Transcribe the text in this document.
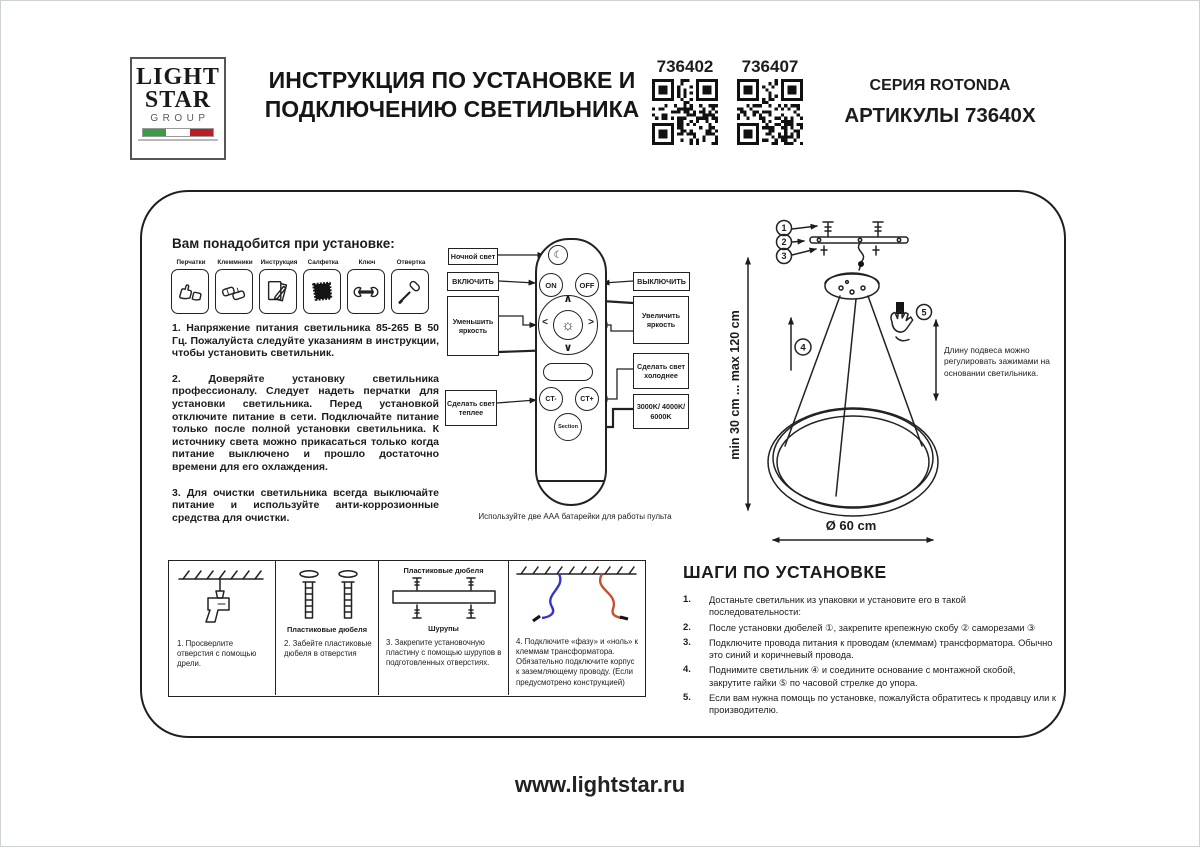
LIGHT
STAR
GROUP
ИНСТРУКЦИЯ ПО УСТАНОВКЕ И
ПОДКЛЮЧЕНИЮ СВЕТИЛЬНИКА
736402	736407
СЕРИЯ ROTONDA
АРТИКУЛЫ 73640X
Вам понадобится при установке:
Перчатки	Клеммники	Инструкция	Салфетка	Ключ	Отвертка

1. Напряжение питания светильника 85-265 В 50 Гц. Пожалуйста следуйте указаниям в инструкции, чтобы установить светильник.

2. Доверяйте установку светильника профессионалу. Следует надеть перчатки для установки светильника. Перед установкой отключите питание в сети. Подключайте питание только после полной установки светильника. К источнику света можно прикасаться только когда питание выключено и прошло достаточно времени для его охлаждения.

3. Для очистки светильника всегда выключайте питание и используйте анти-коррозионные средства для очистки.

☾
ON	OFF
∧
∨
<	>
☼
CT-	CT+
Section
Ночной свет
ВКЛЮЧИТЬ
Уменьшить яркость
Сделать свет теплее
ВЫКЛЮЧИТЬ
Увеличить яркость
Сделать свет холоднее
3000K/ 4000K/ 6000K
Используйте две ААА батарейки для работы пульта
1
2
3
4
5
min 30 cm ... max 120 cm	Длину подвеса можно регулировать зажимами на основании светильника.
Ø 60 cm
1. Просверлите отверстия с помощью дрели.
Пластиковые дюбеля
2. Забейте пластиковые дюбеля в отверстия
Пластиковые дюбеля
Шурупы
3. Закрепите установочную пластину с помощью шурупов в подготовленных отверстиях.
4. Подключите «фазу» и «ноль» к клеммам трансформатора. Обязательно подключите корпус к заземляющему проводу. (Если предусмотрено конструкцией)
ШАГИ ПО УСТАНОВКЕ
1.	Достаньте светильник из упаковки и установите его в такой последовательности:
2.	После установки дюбелей ①, закрепите крепежную скобу ② саморезами ③
3.	Подключите провода питания к проводам (клеммам) трансформатора. Обычно это синий и коричневый провода.
4.	Поднимите светильник ④ и соедините основание с монтажной скобой, закрутите гайки ⑤ по часовой стрелке до упора.
5.	Если вам нужна помощь по установке, пожалуйста обратитесь к продавцу или к производителю.
www.lightstar.ru
